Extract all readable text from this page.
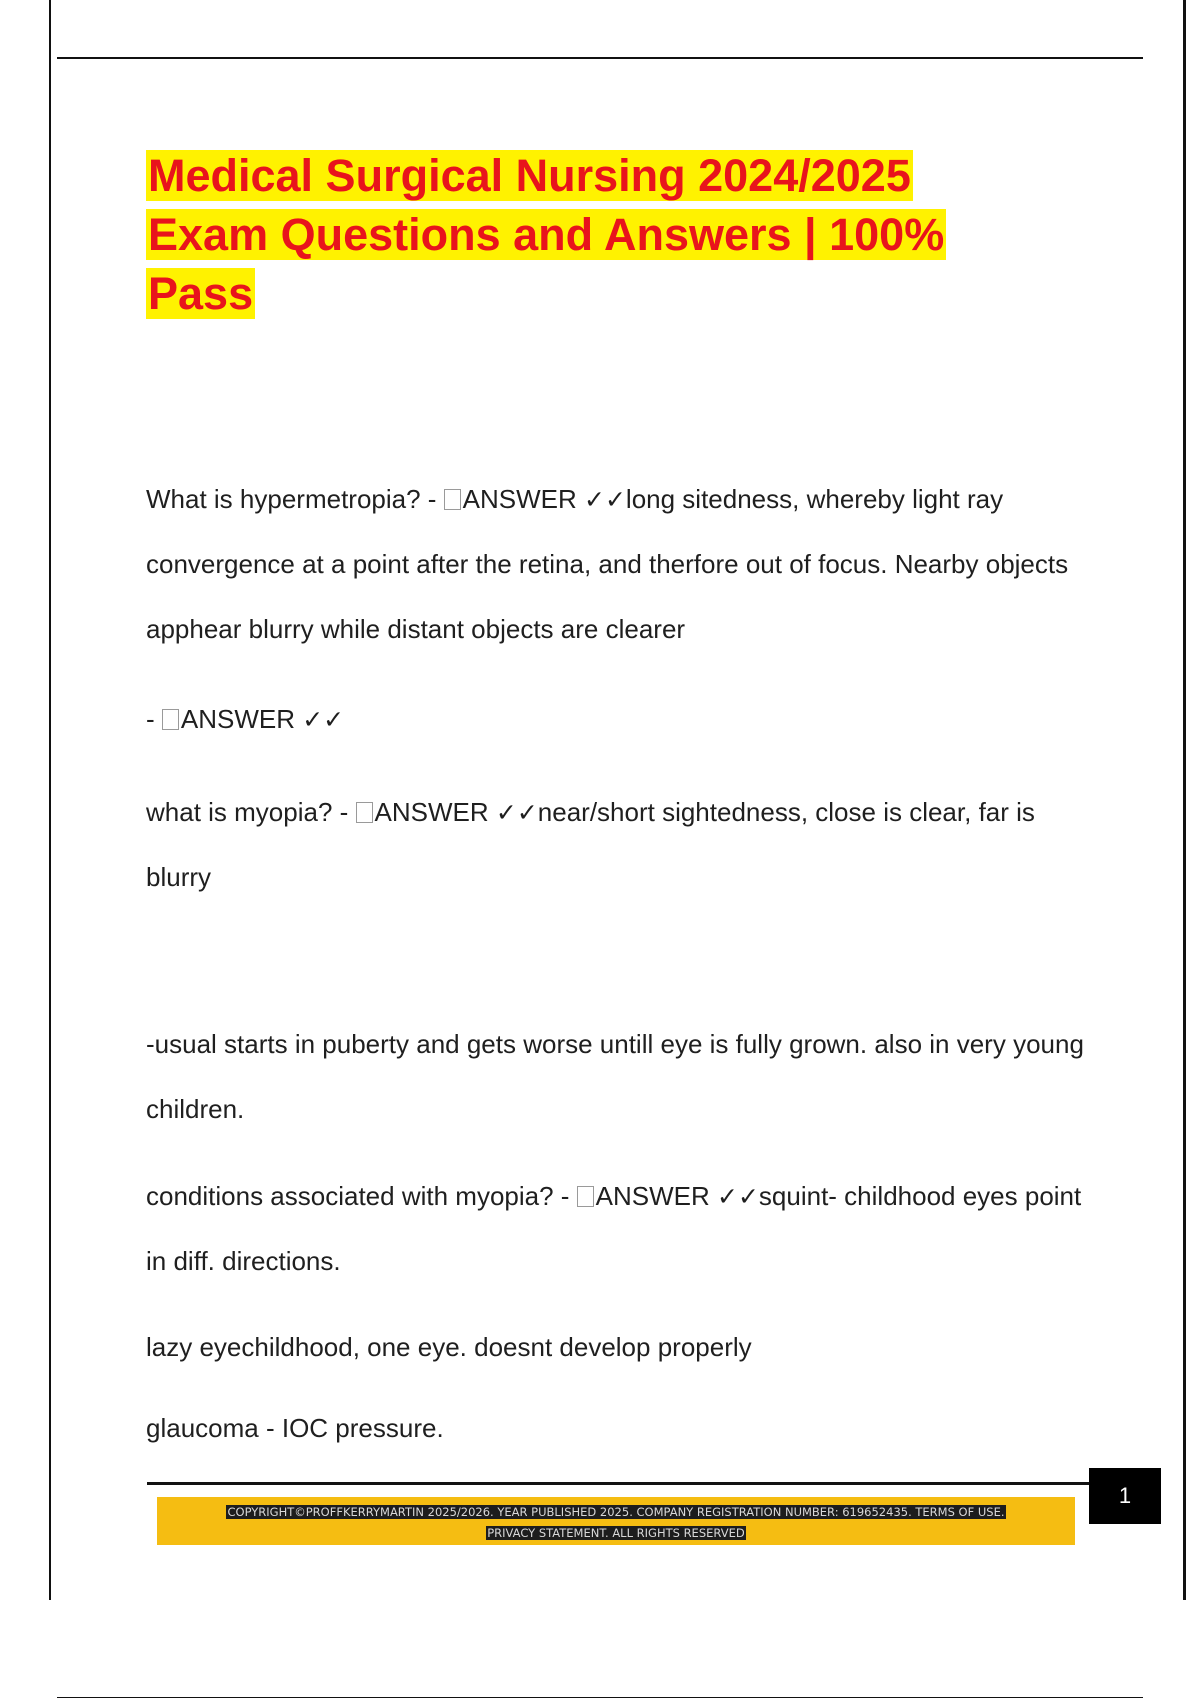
Medical Surgical Nursing 2024/2025
Exam Questions and Answers | 100%
Pass
What is hypermetropia? - ANSWER ✓✓long sitedness, whereby light ray convergence at a point after the retina, and therfore out of focus. Nearby objects apphear blurry while distant objects are clearer
- ANSWER ✓✓
what is myopia? - ANSWER ✓✓near/short sightedness, close is clear, far is blurry
-usual starts in puberty and gets worse untill eye is fully grown. also in very young children.
conditions associated with myopia? - ANSWER ✓✓squint- childhood eyes point in diff. directions.
lazy eyechildhood, one eye. doesnt develop properly
glaucoma - IOC pressure.
1
COPYRIGHT©PROFFKERRYMARTIN 2025/2026. YEAR PUBLISHED 2025. COMPANY REGISTRATION NUMBER: 619652435. TERMS OF USE.
PRIVACY STATEMENT. ALL RIGHTS RESERVED
